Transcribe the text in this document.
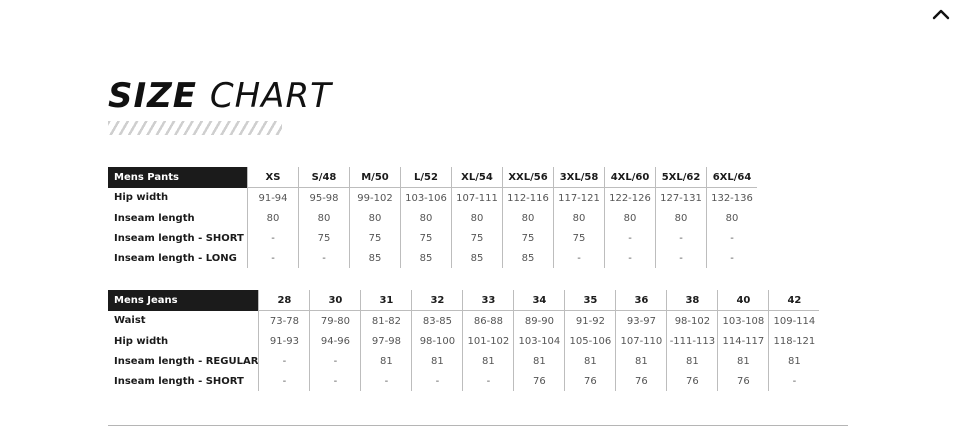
SIZE CHART
Mens Pants	XS	S/48	M/50	L/52	XL/54	XXL/56	3XL/58	4XL/60	5XL/62	6XL/64
Hip width	91-94	95-98	99-102	103-106	107-111	112-116	117-121	122-126	127-131	132-136
Inseam length	80	80	80	80	80	80	80	80	80	80
Inseam length - SHORT	-	75	75	75	75	75	75	-	-	-
Inseam length - LONG	-	-	85	85	85	85	-	-	-	-
Mens Jeans	28	30	31	32	33	34	35	36	38	40	42
Waist	73-78	79-80	81-82	83-85	86-88	89-90	91-92	93-97	98-102	103-108	109-114
Hip width	91-93	94-96	97-98	98-100	101-102	103-104	105-106	107-110	-111-113	114-117	118-121
Inseam length - REGULAR	-	-	81	81	81	81	81	81	81	81	81
Inseam length - SHORT	-	-	-	-	-	76	76	76	76	76	-
